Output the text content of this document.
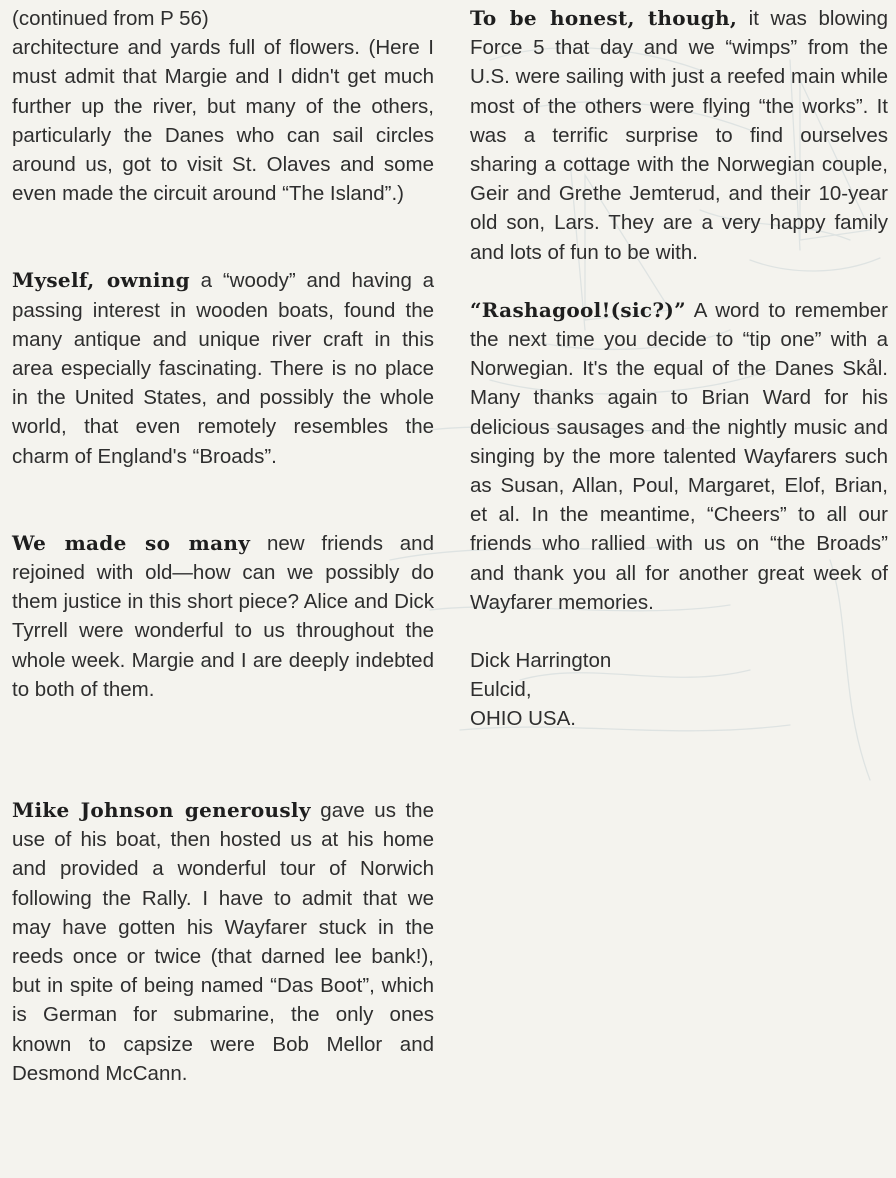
(continued from P 56)

architecture and yards full of flowers. (Here I must admit that Margie and I didn't get much further up the river, but many of the others, particularly the Danes who can sail circles around us, got to visit St. Olaves and some even made the circuit around “The Island”.)

Myself, owning a “woody” and having a passing interest in wooden boats, found the many antique and unique river craft in this area especially fascinating. There is no place in the United States, and possibly the whole world, that even remotely resembles the charm of England's “Broads”.

We made so many new friends and rejoined with old—how can we possibly do them justice in this short piece? Alice and Dick Tyrrell were wonderful to us throughout the whole week. Margie and I are deeply indebted to both of them.

Mike Johnson generously gave us the use of his boat, then hosted us at his home and provided a wonderful tour of Norwich following the Rally. I have to admit that we may have gotten his Wayfarer stuck in the reeds once or twice (that darned lee bank!), but in spite of being named “Das Boot”, which is German for submarine, the only ones known to capsize were Bob Mellor and Desmond McCann.

To be honest, though, it was blowing Force 5 that day and we “wimps” from the U.S. were sailing with just a reefed main while most of the others were flying “the works”. It was a terrific surprise to find ourselves sharing a cottage with the Norwegian couple, Geir and Grethe Jemterud, and their 10-year old son, Lars. They are a very happy family and lots of fun to be with.

“Rashagool!(sic?)” A word to remember the next time you decide to “tip one” with a Norwegian. It's the equal of the Danes Skål. Many thanks again to Brian Ward for his delicious sausages and the nightly music and singing by the more talented Wayfarers such as Susan, Allan, Poul, Margaret, Elof, Brian, et al. In the meantime, “Cheers” to all our friends who rallied with us on “the Broads” and thank you all for another great week of Wayfarer memories.

Dick Harrington

Eulcid,

OHIO USA.
